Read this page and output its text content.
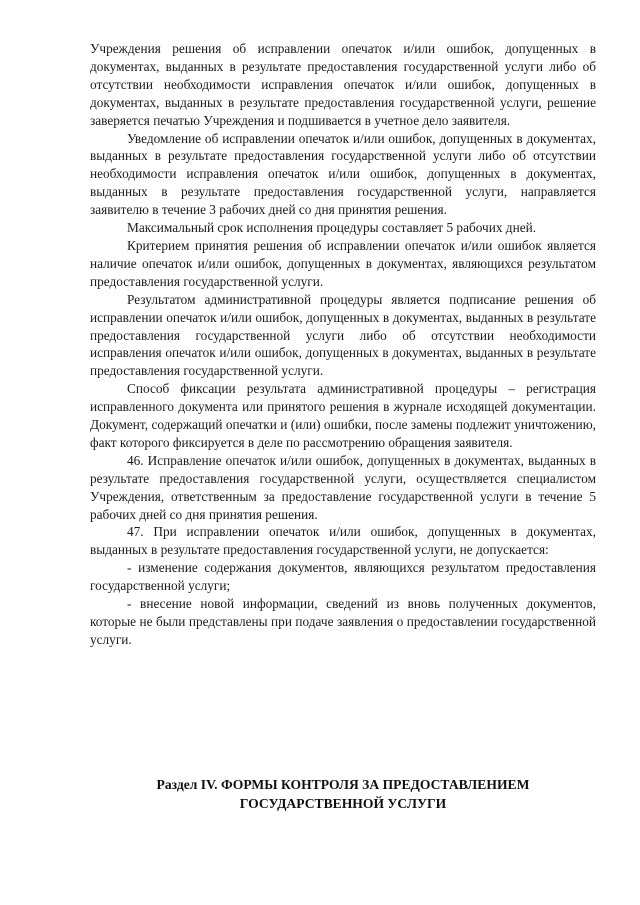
Учреждения решения об исправлении опечаток и/или ошибок, допущенных в документах, выданных в результате предоставления государственной услуги либо об отсутствии необходимости исправления опечаток и/или ошибок, допущенных в документах, выданных в результате предоставления государственной услуги, решение заверяется печатью Учреждения и подшивается в учетное дело заявителя.

Уведомление об исправлении опечаток и/или ошибок, допущенных в документах, выданных в результате предоставления государственной услуги либо об отсутствии необходимости исправления опечаток и/или ошибок, допущенных в документах, выданных в результате предоставления государственной услуги, направляется заявителю в течение 3 рабочих дней со дня принятия решения.

Максимальный срок исполнения процедуры составляет 5 рабочих дней.

Критерием принятия решения об исправлении опечаток и/или ошибок является наличие опечаток и/или ошибок, допущенных в документах, являющихся результатом предоставления государственной услуги.

Результатом административной процедуры является подписание решения об исправлении опечаток и/или ошибок, допущенных в документах, выданных в результате предоставления государственной услуги либо об отсутствии необходимости исправления опечаток и/или ошибок, допущенных в документах, выданных в результате предоставления государственной услуги.

Способ фиксации результата административной процедуры – регистрация исправленного документа или принятого решения в журнале исходящей документации. Документ, содержащий опечатки и (или) ошибки, после замены подлежит уничтожению, факт которого фиксируется в деле по рассмотрению обращения заявителя.

46. Исправление опечаток и/или ошибок, допущенных в документах, выданных в результате предоставления государственной услуги, осуществляется специалистом Учреждения, ответственным за предоставление государственной услуги в течение 5 рабочих дней со дня принятия решения.

47. При исправлении опечаток и/или ошибок, допущенных в документах, выданных в результате предоставления государственной услуги, не допускается:

- изменение содержания документов, являющихся результатом предоставления государственной услуги;

- внесение новой информации, сведений из вновь полученных документов, которые не были представлены при подаче заявления о предоставлении государственной услуги.

Раздел IV. ФОРМЫ КОНТРОЛЯ ЗА ПРЕДОСТАВЛЕНИЕМ
ГОСУДАРСТВЕННОЙ УСЛУГИ
